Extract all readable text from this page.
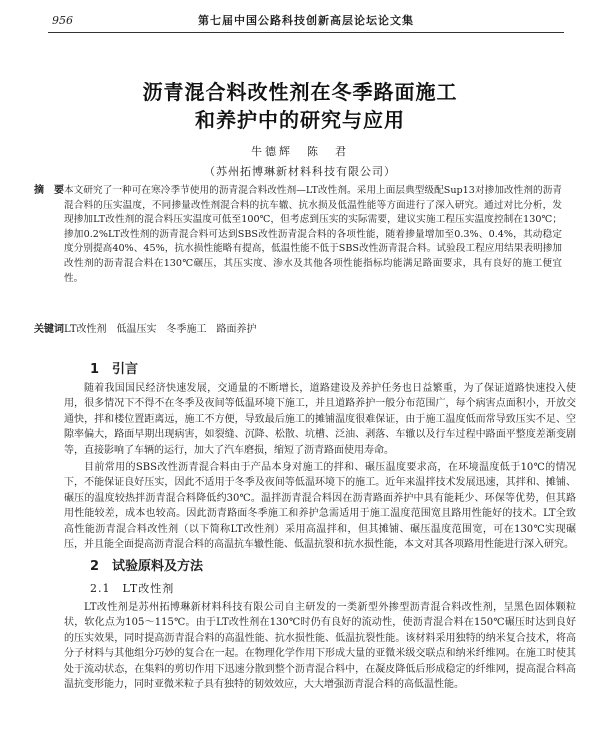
956	第七届中国公路科技创新高层论坛论文集
沥青混合料改性剂在冬季路面施工
和养护中的研究与应用
牛德辉　陈　君
（苏州拓博琳新材料科技有限公司）
摘　要 本文研究了一种可在寒冷季节使用的沥青混合料改性剂—LT改性剂。采用上面层典型级配Sup13对掺加改性剂的沥青混合料的压实温度，不同掺量改性剂混合料的抗车辙、抗水损及低温性能等方面进行了深入研究。通过对比分析，发现掺加LT改性剂的混合料压实温度可低至100℃，但考虑到压实的实际需要，建议实施工程压实温度控制在130℃；掺加0.2%LT改性剂的沥青混合料可达到SBS改性沥青混合料的各项性能，随着掺量增加至0.3%、0.4%，其动稳定度分别提高40%、45%，抗水损性能略有提高，低温性能不低于SBS改性沥青混合料。试验段工程应用结果表明掺加改性剂的沥青混合料在130℃碾压，其压实度、渗水及其他各项性能指标均能满足路面要求，具有良好的施工便宜性。
关键词 LT改性剂　低温压实　冬季施工　路面养护
1　引言
随着我国国民经济快速发展，交通量的不断增长，道路建设及养护任务也日益繁重，为了保证道路快速投入使用，很多情况下不得不在冬季及夜间等低温环境下施工，并且道路养护一般分布范围广，每个病害点面积小，开放交通快，拌和楼位置距离远，施工不方便，导致最后施工的摊铺温度很难保证，由于施工温度低而常导致压实不足、空隙率偏大，路面早期出现病害，如裂缝、沉降、松散、坑槽、泛油、剥落、车辙以及行车过程中路面平整度差渐变剧等，直接影响了车辆的运行，加大了汽车磨损，缩短了沥青路面使用寿命。
目前常用的SBS改性沥青混合料由于产品本身对施工的拌和、碾压温度要求高，在环境温度低于10℃的情况下，不能保证良好压实，因此不适用于冬季及夜间等低温环境下的施工。近年来温拌技术发展迅速，其拌和、摊铺、碾压的温度较热拌沥青混合料降低约30℃。温拌沥青混合料因在沥青路面养护中具有能耗少、环保等优势，但其路用性能较差，成本也较高。因此沥青路面冬季施工和养护急需适用于施工温度范围宽且路用性能好的技术。LT全致高性能沥青混合料改性剂（以下简称LT改性剂）采用高温拌和，但其摊铺、碾压温度范围宽，可在130℃实现碾压，并且能全面提高沥青混合料的高温抗车辙性能、低温抗裂和抗水损性能，本文对其各项路用性能进行深入研究。
2　试验原料及方法
2.1　LT改性剂
LT改性剂是苏州拓博琳新材料科技有限公司自主研发的一类新型外掺型沥青混合料改性剂，呈黑色固体颗粒状，软化点为105～115℃。由于LT改性剂在130℃时仍有良好的流动性，使沥青混合料在150℃碾压时达到良好的压实效果，同时提高沥青混合料的高温性能、抗水损性能、低温抗裂性能。该材料采用独特的纳米复合技术，将高分子材料与其他组分巧妙的复合在一起。在物理化学作用下形成大量的亚微米级交联点和纳米纤维网。在施工时使其处于流动状态，在集料的剪切作用下迅速分散到整个沥青混合料中，在凝皮降低后形成稳定的纤维网，提高混合料高温抗变形能力，同时亚微米粒子具有独特的韧效效应，大大增强沥青混合料的高低温性能。
